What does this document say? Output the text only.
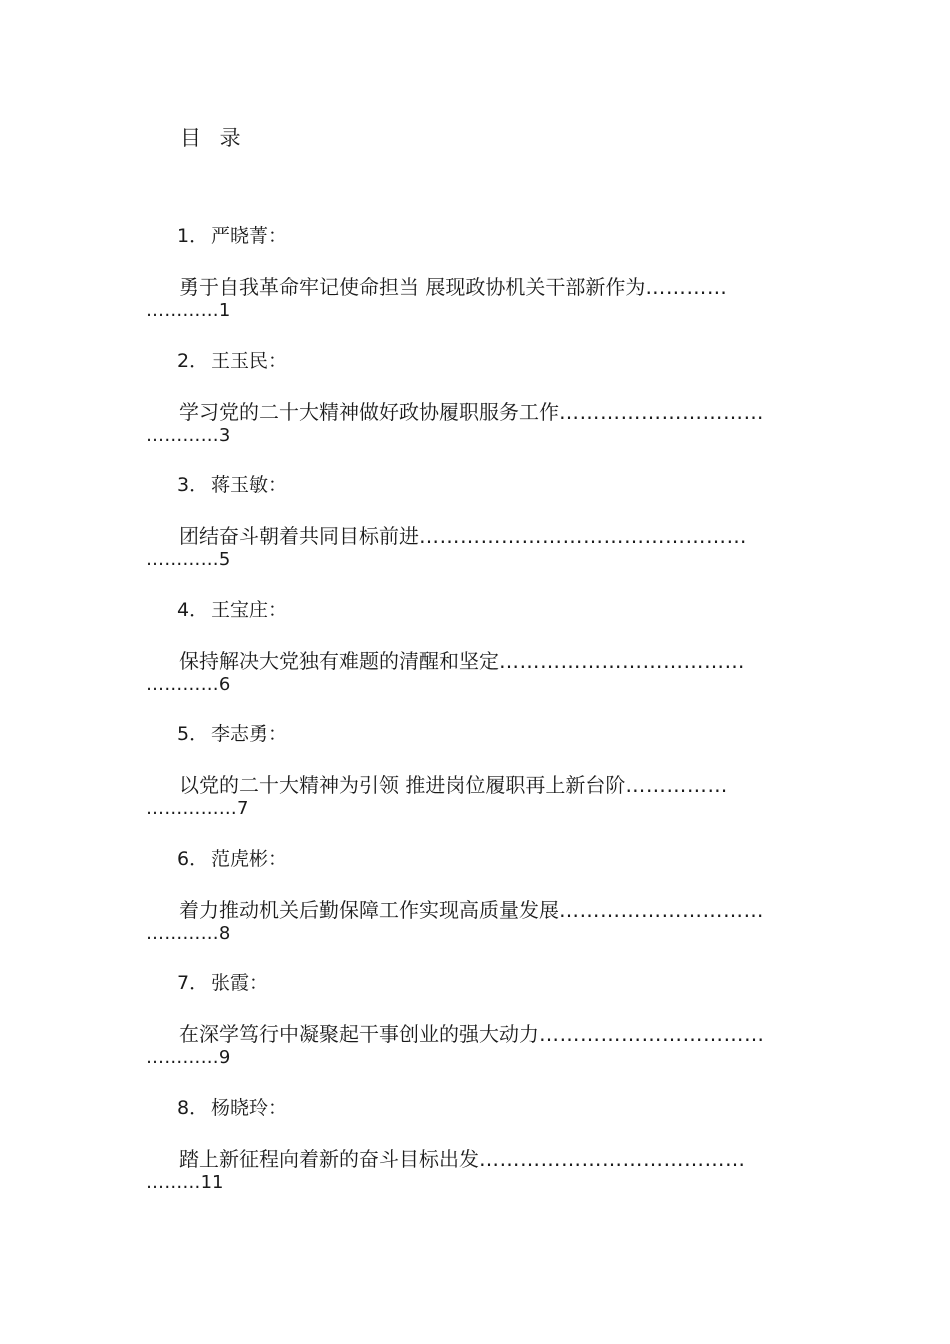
目 录
1． 严晓菁：
勇于自我革命牢记使命担当 展现政协机关干部新作为…………
…………1
2． 王玉民：
学习党的二十大精神做好政协履职服务工作…………………………
…………3
3． 蒋玉敏：
团结奋斗朝着共同目标前进…………………………………………
…………5
4． 王宝庄：
保持解决大党独有难题的清醒和坚定………………………………
…………6
5． 李志勇：
以党的二十大精神为引领 推进岗位履职再上新台阶……………
……………7
6． 范虎彬：
着力推动机关后勤保障工作实现高质量发展…………………………
…………8
7． 张霞：
在深学笃行中凝聚起干事创业的强大动力……………………………
…………9
8． 杨晓玲：
踏上新征程向着新的奋斗目标出发…………………………………
………11
